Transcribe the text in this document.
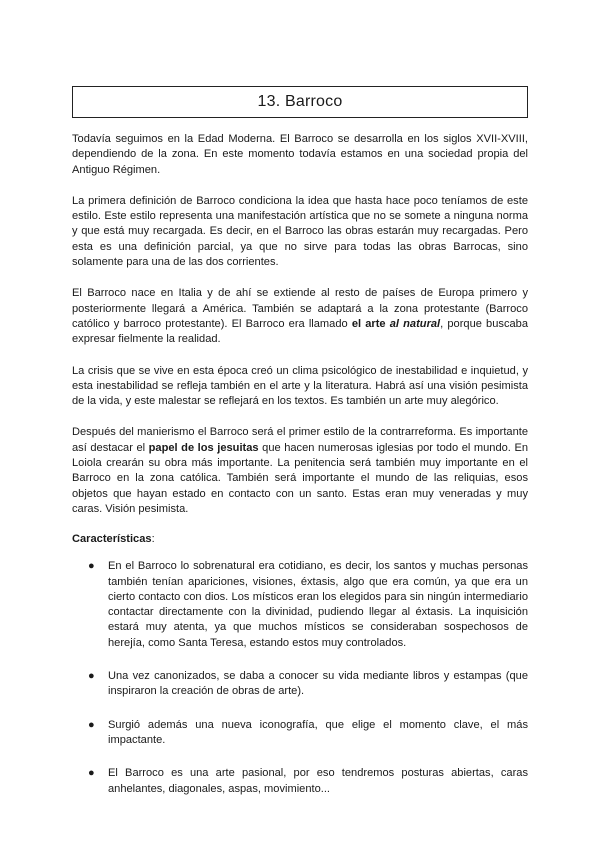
13. Barroco

Todavía seguimos en la Edad Moderna. El Barroco se desarrolla en los siglos XVII-XVIII, dependiendo de la zona. En este momento todavía estamos en una sociedad propia del Antiguo Régimen.

La primera definición de Barroco condiciona la idea que hasta hace poco teníamos de este estilo. Este estilo representa una manifestación artística que no se somete a ninguna norma y que está muy recargada. Es decir, en el Barroco las obras estarán muy recargadas. Pero esta es una definición parcial, ya que no sirve para todas las obras Barrocas, sino solamente para una de las dos corrientes.

El Barroco nace en Italia y de ahí se extiende al resto de países de Europa primero y posteriormente llegará a América. También se adaptará a la zona protestante (Barroco católico y barroco protestante). El Barroco era llamado el arte al natural, porque buscaba expresar fielmente la realidad.

La crisis que se vive en esta época creó un clima psicológico de inestabilidad e inquietud, y esta inestabilidad se refleja también en el arte y la literatura. Habrá así una visión pesimista de la vida, y este malestar se reflejará en los textos. Es también un arte muy alegórico.

Después del manierismo el Barroco será el primer estilo de la contrarreforma. Es importante así destacar el papel de los jesuitas que hacen numerosas iglesias por todo el mundo. En Loiola crearán su obra más importante. La penitencia será también muy importante en el Barroco en la zona católica. También será importante el mundo de las reliquias, esos objetos que hayan estado en contacto con un santo. Estas eran muy veneradas y muy caras. Visión pesimista.

Características:
● En el Barroco lo sobrenatural era cotidiano, es decir, los santos y muchas personas también tenían apariciones, visiones, éxtasis, algo que era común, ya que era un cierto contacto con dios. Los místicos eran los elegidos para sin ningún intermediario contactar directamente con la divinidad, pudiendo llegar al éxtasis. La inquisición estará muy atenta, ya que muchos místicos se consideraban sospechosos de herejía, como Santa Teresa, estando estos muy controlados.
● Una vez canonizados, se daba a conocer su vida mediante libros y estampas (que inspiraron la creación de obras de arte).
● Surgió además una nueva iconografía, que elige el momento clave, el más impactante.
● El Barroco es una arte pasional, por eso tendremos posturas abiertas, caras anhelantes, diagonales, aspas, movimiento...
